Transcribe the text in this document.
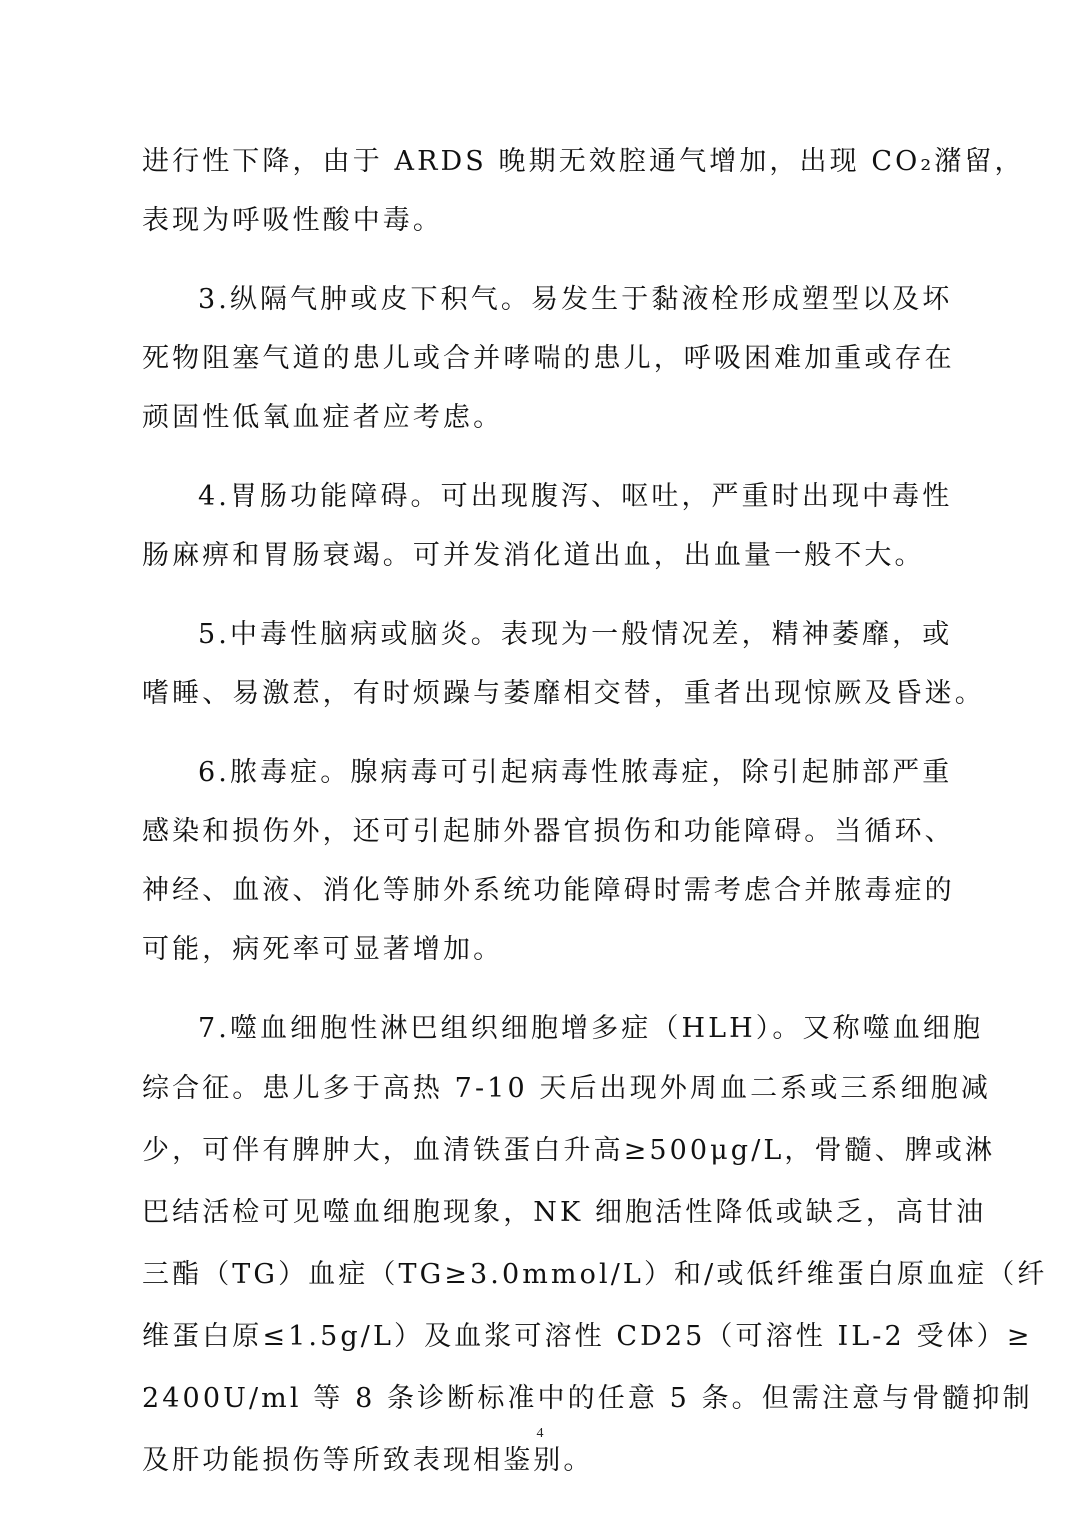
进行性下降，由于 ARDS 晚期无效腔通气增加，出现 CO₂潴留，
表现为呼吸性酸中毒。
3.纵隔气肿或皮下积气。易发生于黏液栓形成塑型以及坏
死物阻塞气道的患儿或合并哮喘的患儿，呼吸困难加重或存在
顽固性低氧血症者应考虑。
4.胃肠功能障碍。可出现腹泻、呕吐，严重时出现中毒性
肠麻痹和胃肠衰竭。可并发消化道出血，出血量一般不大。
5.中毒性脑病或脑炎。表现为一般情况差，精神萎靡，或
嗜睡、易激惹，有时烦躁与萎靡相交替，重者出现惊厥及昏迷。
6.脓毒症。腺病毒可引起病毒性脓毒症，除引起肺部严重
感染和损伤外，还可引起肺外器官损伤和功能障碍。当循环、
神经、血液、消化等肺外系统功能障碍时需考虑合并脓毒症的
可能，病死率可显著增加。
7.噬血细胞性淋巴组织细胞增多症（HLH）。又称噬血细胞
综合征。患儿多于高热 7-10 天后出现外周血二系或三系细胞减
少，可伴有脾肿大，血清铁蛋白升高≥500μg/L，骨髓、脾或淋
巴结活检可见噬血细胞现象，NK 细胞活性降低或缺乏，高甘油
三酯（TG）血症（TG≥3.0mmol/L）和/或低纤维蛋白原血症（纤
维蛋白原≤1.5g/L）及血浆可溶性 CD25（可溶性 IL-2 受体）≥
2400U/ml 等 8 条诊断标准中的任意 5 条。但需注意与骨髓抑制
及肝功能损伤等所致表现相鉴别。
4
